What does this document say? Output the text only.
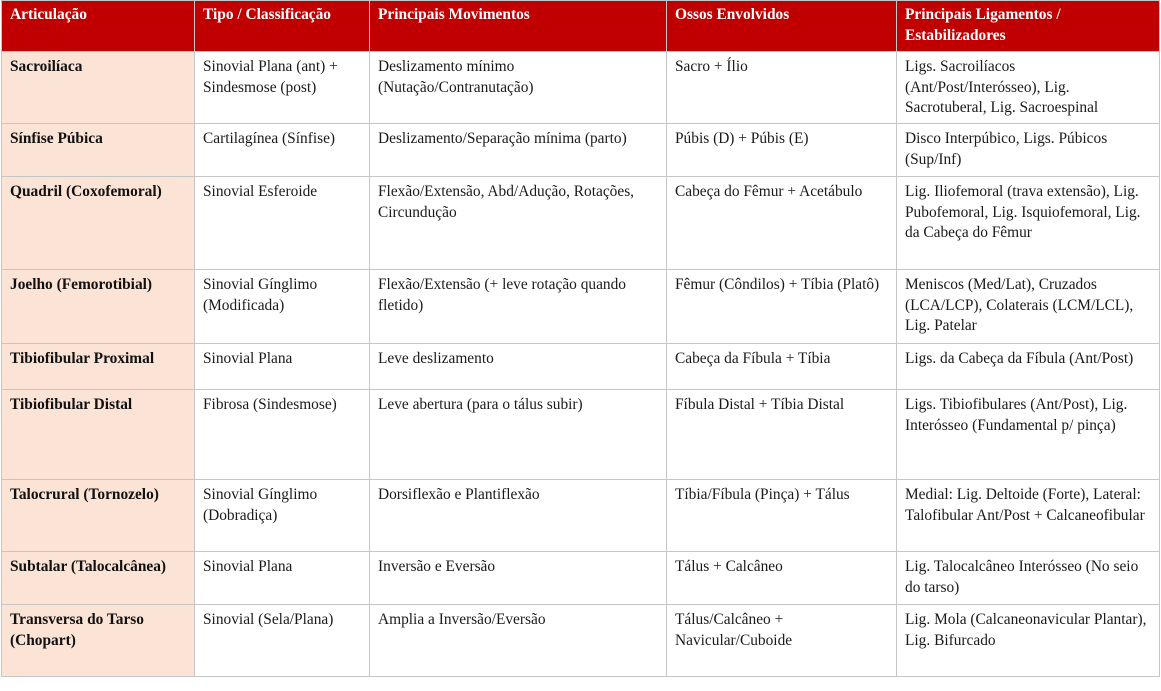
Articulação	Tipo / Classificação	Principais Movimentos	Ossos Envolvidos	Principais Ligamentos / Estabilizadores
Sacroilíaca	Sinovial Plana (ant) + Sindesmose (post)	Deslizamento mínimo (Nutação/Contranutação)	Sacro + Ílio	Ligs. Sacroilíacos (Ant/Post/Interósseo), Lig. Sacrotuberal, Lig. Sacroespinal
Sínfise Púbica	Cartilagínea (Sínfise)	Deslizamento/Separação mínima (parto)	Púbis (D) + Púbis (E)	Disco Interpúbico, Ligs. Púbicos (Sup/Inf)
Quadril (Coxofemoral)	Sinovial Esferoide	Flexão/Extensão, Abd/Adução, Rotações, Circundução	Cabeça do Fêmur + Acetábulo	Lig. Iliofemoral (trava extensão), Lig. Pubofemoral, Lig. Isquiofemoral, Lig. da Cabeça do Fêmur
Joelho (Femorotibial)	Sinovial Gínglimo (Modificada)	Flexão/Extensão (+ leve rotação quando fletido)	Fêmur (Côndilos) + Tíbia (Platô)	Meniscos (Med/Lat), Cruzados (LCA/LCP), Colaterais (LCM/LCL), Lig. Patelar
Tibiofibular Proximal	Sinovial Plana	Leve deslizamento	Cabeça da Fíbula + Tíbia	Ligs. da Cabeça da Fíbula (Ant/Post)
Tibiofibular Distal	Fibrosa (Sindesmose)	Leve abertura (para o tálus subir)	Fíbula Distal + Tíbia Distal	Ligs. Tibiofibulares (Ant/Post), Lig. Interósseo (Fundamental p/ pinça)
Talocrural (Tornozelo)	Sinovial Gínglimo (Dobradiça)	Dorsiflexão e Plantiflexão	Tíbia/Fíbula (Pinça) + Tálus	Medial: Lig. Deltoide (Forte), Lateral: Talofibular Ant/Post + Calcaneofibular
Subtalar (Talocalcânea)	Sinovial Plana	Inversão e Eversão	Tálus + Calcâneo	Lig. Talocalcâneo Interósseo (No seio do tarso)
Transversa do Tarso (Chopart)	Sinovial (Sela/Plana)	Amplia a Inversão/Eversão	Tálus/Calcâneo + Navicular/Cuboide	Lig. Mola (Calcaneonavicular Plantar), Lig. Bifurcado
